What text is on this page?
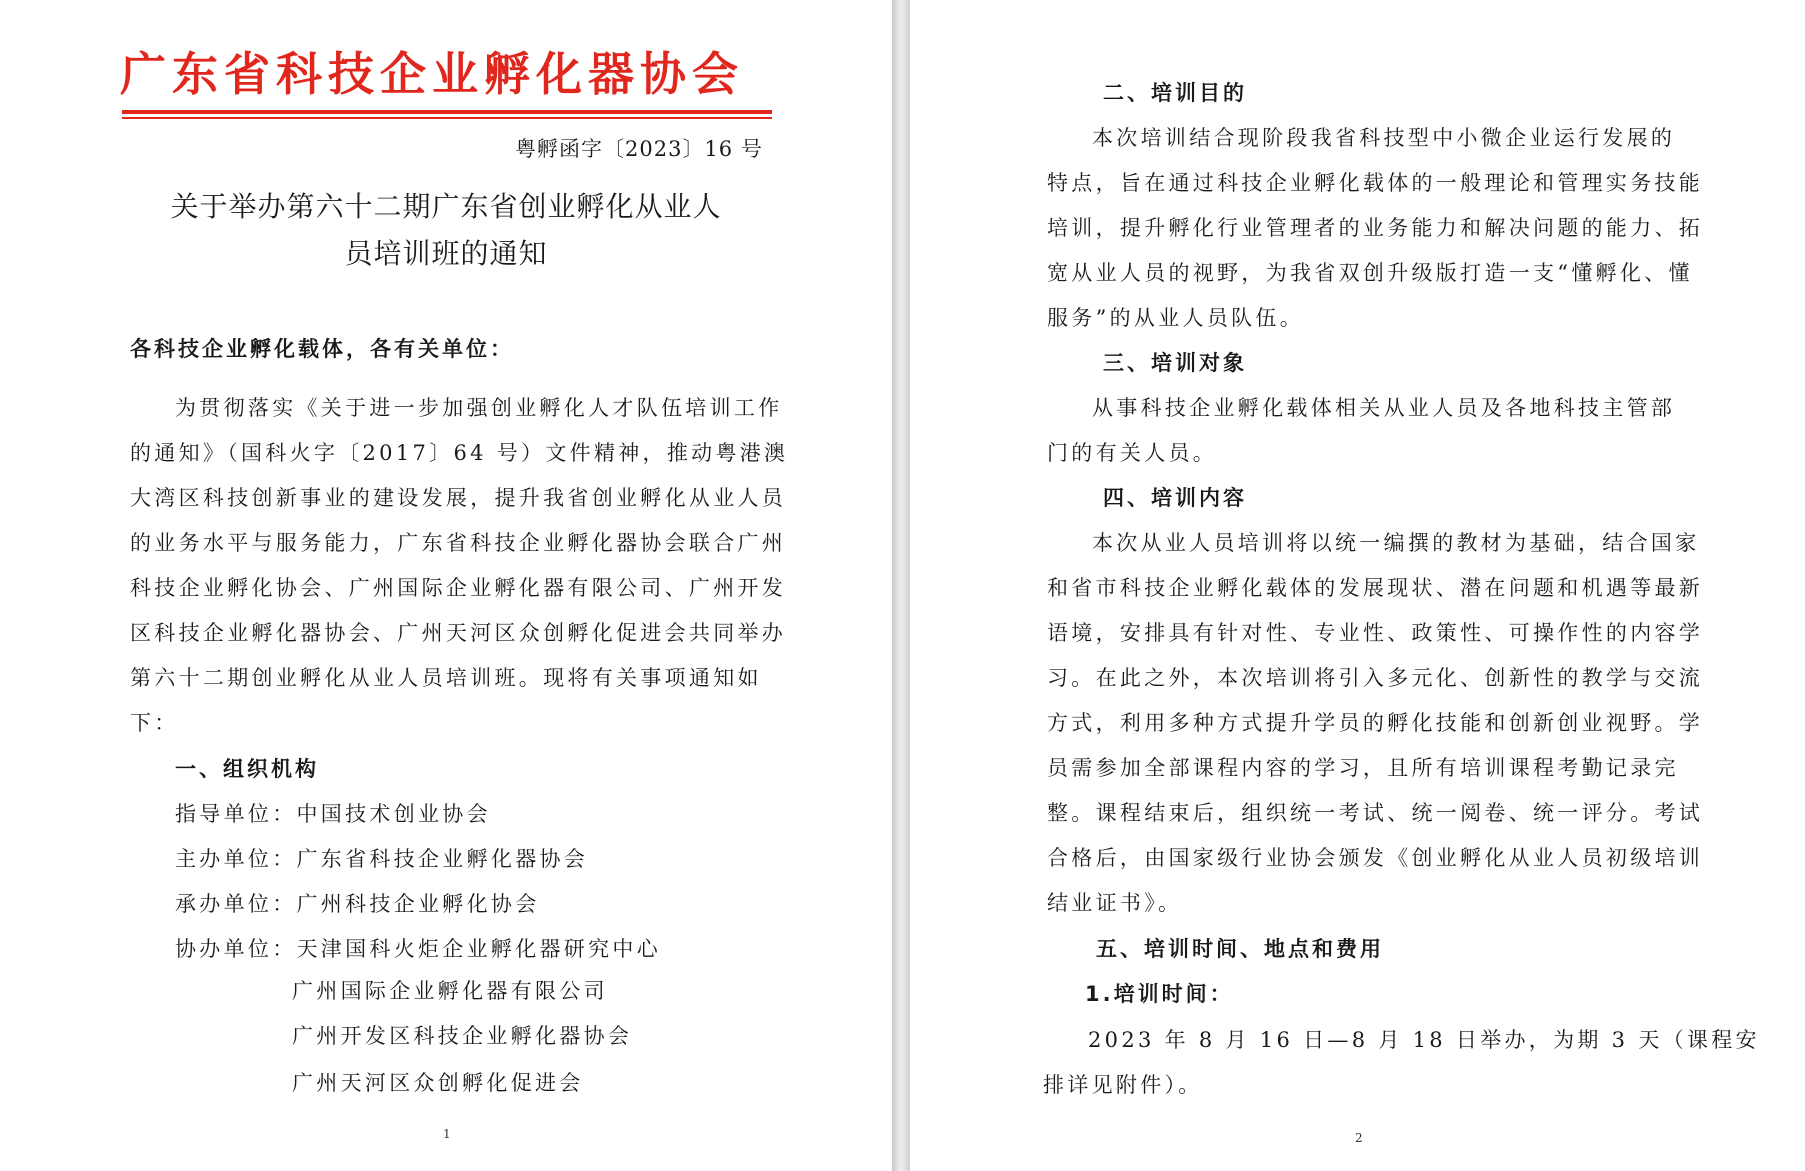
广东省科技企业孵化器协会
粤孵函字〔2023〕16 号
关于举办第六十二期广东省创业孵化从业人
员培训班的通知
各科技企业孵化载体，各有关单位：
为贯彻落实《关于进一步加强创业孵化人才队伍培训工作
的通知》（国科火字〔2017〕64 号）文件精神，推动粤港澳
大湾区科技创新事业的建设发展，提升我省创业孵化从业人员
的业务水平与服务能力，广东省科技企业孵化器协会联合广州
科技企业孵化协会、广州国际企业孵化器有限公司、广州开发
区科技企业孵化器协会、广州天河区众创孵化促进会共同举办
第六十二期创业孵化从业人员培训班。现将有关事项通知如
下：
一、组织机构
指导单位：中国技术创业协会
主办单位：广东省科技企业孵化器协会
承办单位：广州科技企业孵化协会
协办单位：天津国科火炬企业孵化器研究中心
广州国际企业孵化器有限公司
广州开发区科技企业孵化器协会
广州天河区众创孵化促进会
1
二、培训目的
本次培训结合现阶段我省科技型中小微企业运行发展的
特点，旨在通过科技企业孵化载体的一般理论和管理实务技能
培训，提升孵化行业管理者的业务能力和解决问题的能力、拓
宽从业人员的视野，为我省双创升级版打造一支“懂孵化、懂
服务”的从业人员队伍。
三、培训对象
从事科技企业孵化载体相关从业人员及各地科技主管部
门的有关人员。
四、培训内容
本次从业人员培训将以统一编撰的教材为基础，结合国家
和省市科技企业孵化载体的发展现状、潜在问题和机遇等最新
语境，安排具有针对性、专业性、政策性、可操作性的内容学
习。在此之外，本次培训将引入多元化、创新性的教学与交流
方式，利用多种方式提升学员的孵化技能和创新创业视野。学
员需参加全部课程内容的学习，且所有培训课程考勤记录完
整。课程结束后，组织统一考试、统一阅卷、统一评分。考试
合格后，由国家级行业协会颁发《创业孵化从业人员初级培训
结业证书》。
五、培训时间、地点和费用
1.培训时间：
2023 年 8 月 16 日—8 月 18 日举办，为期 3 天（课程安
排详见附件）。
2
